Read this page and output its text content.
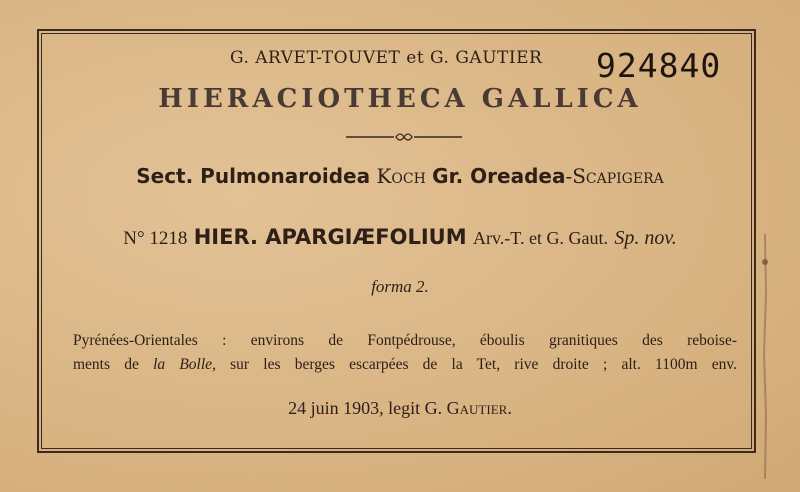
G. ARVET-TOUVET et G. GAUTIER 924840
HIERACIOTHECA GALLICA
Sect. Pulmonaroidea Koch Gr. Oreadea-Scapigera
N° 1218 HIER. APARGIÆFOLIUM Arv.-T. et G. Gaut. Sp. nov.
forma 2.
Pyrénées-Orientales : environs de Fontpédrouse, éboulis granitiques des reboise-
ments de la Bolle, sur les berges escarpées de la Tet, rive droite ; alt. 1100m env.
24 juin 1903, legit G. Gautier.
